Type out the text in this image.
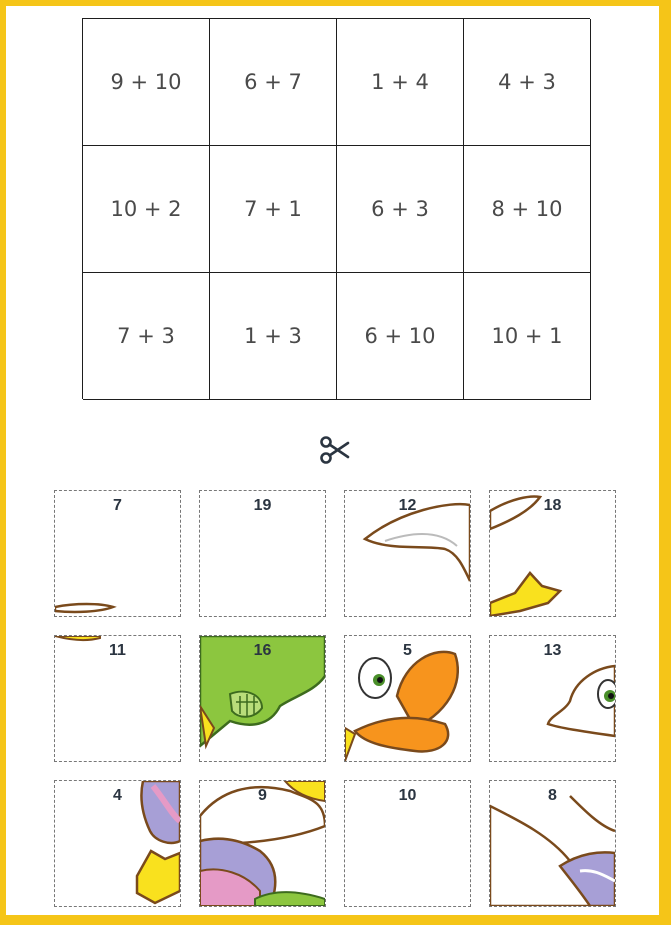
9 + 10	6 + 7	1 + 4	4 + 3
10 + 2	7 + 1	6 + 3	8 + 10
7 + 3	1 + 3	6 + 10	10 + 1
7	19	12	18
11	16	5	13
4	9	10	8
